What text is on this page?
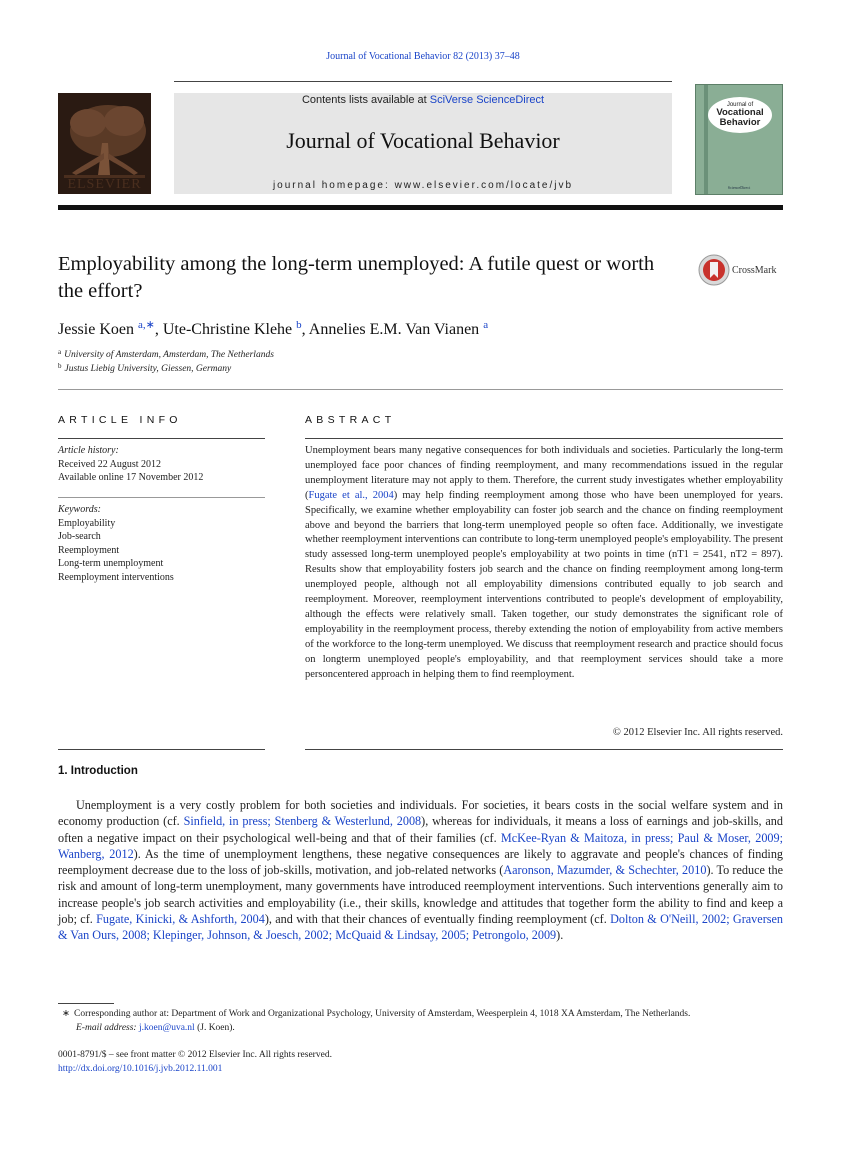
Journal of Vocational Behavior 82 (2013) 37–48
ELSEVIER
Contents lists available at SciVerse ScienceDirect
Journal of Vocational Behavior
journal homepage: www.elsevier.com/locate/jvb
Journal of
Vocational
Behavior
ScienceDirect
Employability among the long-term unemployed: A futile quest or worth the effort?
CrossMark
Jessie Koen $^{a,∗}$, Ute-Christine Klehe $^b$, Annelies E.M. Van Vianen $^a$
$^a$ University of Amsterdam, Amsterdam, The Netherlands
$^b$ Justus Liebig University, Giessen, Germany
ARTICLE INFO
Article history:
Received 22 August 2012
Available online 17 November 2012
Keywords:
Employability
Job-search
Reemployment
Long-term unemployment
Reemployment interventions
ABSTRACT
Unemployment bears many negative consequences for both individuals and societies. Particularly the long-term unemployed face poor chances of finding reemployment, and many recommendations issued in the regular unemployment literature may not apply to them. Therefore, the current study investigates whether employability (Fugate et al., 2004) may help finding reemployment among those who have been unemployed for years. Specifically, we examine whether employability can foster job search and the chance on finding reemployment above and beyond the barriers that long-term unemployed people so often face. Additionally, we investigate whether reemployment interventions can contribute to long-term unemployed people's employability. The present study assessed long-term unemployed people's employability at two points in time (nT1 = 2541, nT2 = 897). Results show that employability fosters job search and the chance on finding reemployment among long-term unemployed people, although not all employability dimensions contributed equally to job search and reemployment. Moreover, reemployment interventions contributed to people's development of employability, although the effects were relatively small. Taken together, our study demonstrates the significant role of employability in the reemployment process, thereby extending the notion of employability from active members of the workforce to the long-term unemployed. We discuss that reemployment research and practice should focus on longterm unemployed people's employability, and that reemployment services should take a more personcentered approach in helping them to find reemployment.
© 2012 Elsevier Inc. All rights reserved.
1. Introduction
Unemployment is a very costly problem for both societies and individuals. For societies, it bears costs in the social welfare system and in economy production (cf. Sinfield, in press; Stenberg & Westerlund, 2008), whereas for individuals, it means a loss of earnings and job-skills, and often a negative impact on their psychological well-being and that of their families (cf. McKee-Ryan & Maitoza, in press; Paul & Moser, 2009; Wanberg, 2012). As the time of unemployment lengthens, these negative consequences are likely to aggravate and people's chances of finding reemployment decrease due to the loss of job-skills, motivation, and job-related networks (Aaronson, Mazumder, & Schechter, 2010). To reduce the risk and amount of long-term unemployment, many governments have introduced reemployment interventions. Such interventions generally aim to increase people's job search activities and employability (i.e., their skills, knowledge and attitudes that together form the ability to find and keep a job; cf. Fugate, Kinicki, & Ashforth, 2004), and with that their chances of eventually finding reemployment (cf. Dolton & O'Neill, 2002; Graversen & Van Ours, 2008; Klepinger, Johnson, & Joesch, 2002; McQuaid & Lindsay, 2005; Petrongolo, 2009).
∗ Corresponding author at: Department of Work and Organizational Psychology, University of Amsterdam, Weesperplein 4, 1018 XA Amsterdam, The Netherlands.
E-mail address: j.koen@uva.nl (J. Koen).
0001-8791/$ – see front matter © 2012 Elsevier Inc. All rights reserved.
http://dx.doi.org/10.1016/j.jvb.2012.11.001
